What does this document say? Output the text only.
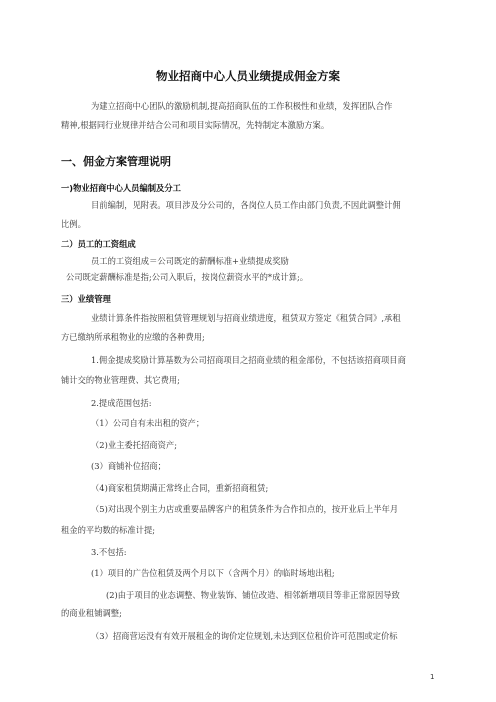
物业招商中心人员业绩提成佣金方案
为建立招商中心团队的激励机制,提高招商队伍的工作积极性和业绩，发挥团队合作
精神,根据同行业规律并结合公司和项目实际情况，先特制定本激励方案。
一、佣金方案管理说明
一)物业招商中心人员编制及分工
目前编制，见附表。项目涉及分公司的，各岗位人员工作由部门负责,不因此调整计佣
比例。
二）员工的工资组成
员工的工资组成＝公司既定的薪酬标准+业绩提成奖励
公司既定薪酬标准是指;公司入职后，按岗位薪资水平的*成计算;。
三）业绩管理
业绩计算条件指按照租赁管理规划与招商业绩进度，租赁双方签定《租赁合同》,承租
方已缴纳所承租物业的应缴的各种费用;
1.佣金提成奖励计算基数为公司招商项目之招商业绩的租金部份，不包括该招商项目商
铺计交的物业管理费、其它费用;
2.提成范围包括:
（1）公司自有未出租的资产；
（2)业主委托招商资产;
(3）商铺补位招商；
（4)商家租赁期满正常终止合同，重新招商租赁;
（5)对出现个别主力店或重要品牌客户的租赁条件为合作扣点的，按开业后上半年月
租金的平均数的标准计提;
3.不包括:
(1）项目的广告位租赁及两个月以下（含两个月）的临时场地出租;
(2)由于项目的业态调整、物业装饰、铺位改造、相邻新增项目等非正常原因导致
的商业租铺调整;
（3）招商营运没有有效开展租金的询价定位规划,未达到区位租价许可范围或定价标
1
